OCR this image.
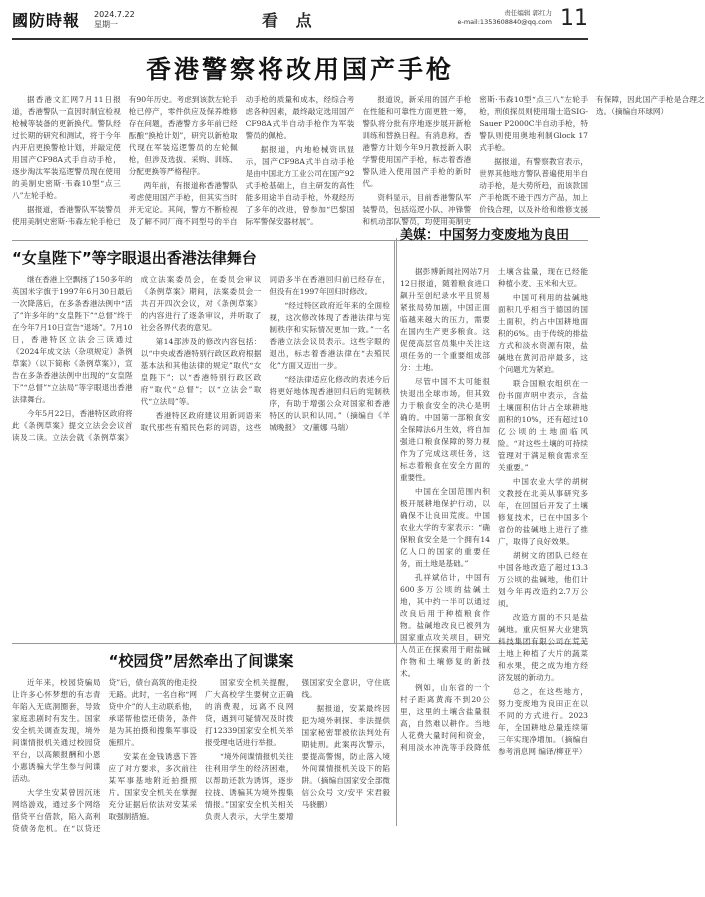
國防時報 2024.7.22
星期一	看 点	责任编辑 郭红力
e-mail:1353608840@qq.com 11
香港警察将改用国产手枪

据香港文汇网7月11日报道，香港警队一直因时制宜检视枪械等装备的更新换代。警队经过长期的研究和测试，将于今年内开启更换警枪计划，并敲定使用国产CF98A式手自动手枪，逐步淘汰军装巡逻警员现在使用的美制史密斯·韦森10型“点三八”左轮手枪。

据报道，香港警队军装警员使用美制史密斯·韦森左轮手枪已有90年历史。考虑到该款左轮手枪已停产，零件供应及保养维修存在问题，香港警方多年前已经酝酿“换枪计划”，研究以新枪取代现在军装巡逻警员的左轮佩枪，但涉及选拔、采购、训练、分配更换等严格程序。

两年前，有报道称香港警队考虑使用国产手枪，但其实当时并无定论。其间，警方不断检视及了解不同厂商不同型号的半自动手枪的质量和成本，经综合考虑各种因素，最终敲定选用国产CF98A式半自动手枪作为军装警员的佩枪。

据报道，内地枪械资讯显示，国产CF98A式半自动手枪是由中国北方工业公司在国产92式手枪基础上，自主研发的高性能多用途半自动手枪，外观经历了多年的改进，曾参加“巴黎国际军警保安器材展”。

报道说，新采用的国产手枪在性能和可靠性方面更胜一筹，警队将分批有序地逐步展开新枪训练和替换日程。有消息称，香港警方计划今年9月教授新入职学警使用国产手枪，标志着香港警队进入使用国产手枪的新时代。

资料显示，目前香港警队军装警员，包括巡逻小队、冲锋警和机动部队警员，均使用美制史密斯·韦森10型“点三八”左轮手枪，刑侦探员则使用瑞士造SIG-Sauer P2000C半自动手枪，特警队则使用奥地利制Glock 17式手枪。

据报道，有警察教官表示，世界其他地方警队普遍使用半自动手枪，是大势所趋，而该款国产手枪既不逊于西方产品，加上价钱合理，以及补给和维修支援有保障，因此国产手枪是合理之选。（摘编自环球网）

“女皇陛下”等字眼退出香港法律舞台

继在香港上空飘扬了150多年的英国米字旗于1997年6月30日最后一次降落后，在多条香港法例中“活了”许多年的“女皇陛下”“总督”终于在今年7月10日宣告“退场”。7月10日，香港特区立法会三读通过《2024年成文法（杂项规定）条例草案》（以下简称《条例草案》），宣告在多条香港法例中出现的“女皇陛下”“总督”“立法局”等字眼退出香港法律舞台。

今年5月22日，香港特区政府将此《条例草案》提交立法会会议首读及二读。立法会就《条例草案》成立法案委员会，在委员会审议《条例草案》期间，法案委员会一共召开四次会议，对《条例草案》的内容进行了逐条审议，并听取了社会各界代表的意见。

第14部涉及的修改内容包括：以“中央或香港特别行政区政府根据基本法和其他法律的规定”取代“女皇陛下”；以“香港特别行政区政府”取代“总督”；以“立法会”取代“立法局”等。

香港特区政府建议用新词语来取代那些有殖民色彩的词语，这些词语多半在香港回归前已经存在，但没有在1997年回归时修改。

“经过特区政府近年来的全面检视，这次修改体现了香港法律与宪制秩序和实际情况更加一致。”一名香港立法会议员表示。这些字眼的退出，标志着香港法律在“去殖民化”方面又迈出一步。

“经法律适应化修改的表述今后将更好地体现香港回归后的宪制秩序，有助于增强公众对国家和香港特区的认识和认同。”（摘编自《羊城晚报》 文/董娜 马瑞）

美媒：中国努力变废地为良田
“校园贷”居然牵出了间谍案

近年来，校园贷骗局让许多心怀梦想的有志青年陷入无底洞圈套，导致家庭悲剧时有发生。国家安全机关调查发现，境外间谍情报机关通过校园贷平台，以高额报酬和小恩小惠诱骗大学生参与间谍活动。

大学生安某曾因沉迷网络游戏，通过多个网络借贷平台借款，陷入高利贷债务危机。在“以贷还贷”后，债台高筑的他走投无路。此时，一名自称“网贷中介”的人主动联系他，承诺帮他偿还债务，条件是为其拍摄和搜集军事设施照片。

安某在金钱诱惑下答应了对方要求，多次前往某军事基地附近拍摄照片。国家安全机关在掌握充分证据后依法对安某采取强制措施。

国家安全机关提醒，广大高校学生要树立正确的消费观，远离不良网贷，遇到可疑情况及时拨打12339国家安全机关举报受理电话进行举报。

“境外间谍情报机关往往利用学生的经济困难，以帮助还款为诱饵，逐步拉拢、诱骗其为境外搜集情报。”国家安全机关相关负责人表示，大学生要增强国家安全意识，守住底线。

据报道，安某最终因犯为境外刺探、非法提供国家秘密罪被依法判处有期徒刑。此案再次警示，要提高警惕，防止落入境外间谍情报机关设下的陷阱。（摘编自国家安全部微信公众号 文/安平 宋君毅 马骁鹏）

据彭博新闻社网站7月12日报道，随着粮食进口飙升至创纪录水平且贸易紧张局势加剧，中国正面临越来越大的压力，需要在国内生产更多粮食。这促使高层官员集中关注这项任务的一个重要组成部分：土地。

尽管中国不太可能很快退出全球市场，但其致力于粮食安全的决心是明确的。中国第一部粮食安全保障法6月生效，将自加强进口粮食保障的努力视作为了完成这项任务，这标志着粮食在安全方面的重要性。

中国在全国范围内积极开展耕地保护行动，以确保不让良田荒废。中国农业大学的专家表示：“确保粮食安全是一个拥有14亿人口的国家的重要任务，而土地是基础。”

孔祥斌估计，中国有600多万公顷的盐碱土地，其中约一半可以通过改良后用于种植粮食作物。盐碱地改良已被列为国家重点攻关项目，研究人员正在探索用于耐盐碱作物和土壤修复的新技术。

例如，山东省的一个村子距离黄海不到20公里，这里的土壤含盐量很高，自然难以耕作。当地人花费大量时间和资金，利用淡水冲洗等手段降低土壤含盐量，现在已经能种植小麦、玉米和大豆。

中国可利用的盐碱地面积几乎相当于德国的国土面积，约占中国耕地面积的6%。由于传统的排盐方式和淡水资源有限，盐碱地在黄河沿岸最多，这个问题尤为紧迫。

联合国粮农组织在一份书面声明中表示，含盐土壤面积估计占全球耕地面积的10%，还有超过10亿公顷的土地面临风险。“对这些土壤的可持续管理对于满足粮食需求至关重要。”

中国农业大学的胡树文教授在北美从事研究多年，在回国后开发了土壤修复技术，已在中国多个省份的盐碱地上进行了推广，取得了良好效果。

胡树文的团队已经在中国各地改造了超过13.3万公顷的盐碱地，他们计划今年再改造约2.7万公顷。

改造方面的不只是盐碱地。重庆恒昇大业建筑科技集团有限公司在荒芜土地上种植了大片的蔬菜和水果，使之成为地方经济发展的新动力。

总之，在这些地方，努力变废地为良田正在以不同的方式进行。2023年，全国耕地总量连续第三年实现净增加。（摘编自参考消息网 编译/柳亚平）
